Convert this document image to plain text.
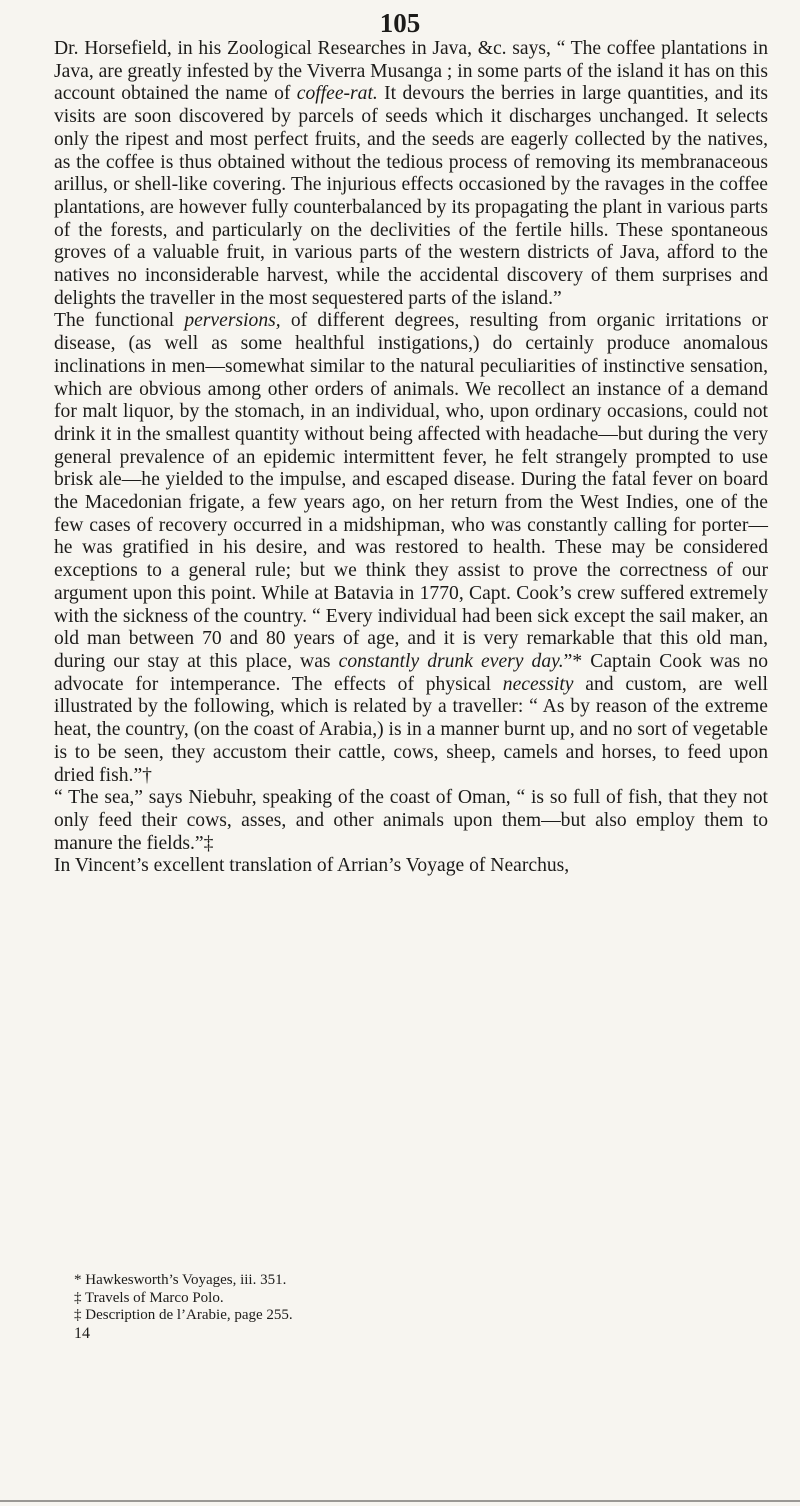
105

Dr. Horsefield, in his Zoological Researches in Java, &c. says, “ The coffee plantations in Java, are greatly infested by the Viverra Musanga ; in some parts of the island it has on this account obtained the name of coffee-rat. It devours the berries in large quantities, and its visits are soon discovered by parcels of seeds which it discharges unchanged. It selects only the ripest and most perfect fruits, and the seeds are eagerly collected by the natives, as the coffee is thus obtained without the tedious process of removing its membranaceous arillus, or shell-like covering. The injurious effects occasioned by the ravages in the coffee plantations, are however fully counterbalanced by its propagating the plant in various parts of the forests, and particularly on the declivities of the fertile hills. These spontaneous groves of a valuable fruit, in various parts of the western districts of Java, afford to the natives no inconsiderable harvest, while the accidental discovery of them surprises and delights the traveller in the most sequestered parts of the island.”

The functional perversions, of different degrees, resulting from organic irritations or disease, (as well as some healthful instigations,) do certainly produce anomalous inclinations in men—somewhat similar to the natural peculiarities of instinctive sensation, which are obvious among other orders of animals. We recollect an instance of a demand for malt liquor, by the stomach, in an individual, who, upon ordinary occasions, could not drink it in the smallest quantity without being affected with headache—but during the very general prevalence of an epidemic intermittent fever, he felt strangely prompted to use brisk ale—he yielded to the impulse, and escaped disease. During the fatal fever on board the Macedonian frigate, a few years ago, on her return from the West Indies, one of the few cases of recovery occurred in a midshipman, who was constantly calling for porter—he was gratified in his desire, and was restored to health. These may be considered exceptions to a general rule; but we think they assist to prove the correctness of our argument upon this point. While at Batavia in 1770, Capt. Cook’s crew suffered extremely with the sickness of the country. “ Every individual had been sick except the sail maker, an old man between 70 and 80 years of age, and it is very remarkable that this old man, during our stay at this place, was constantly drunk every day.”* Captain Cook was no advocate for intemperance. The effects of physical necessity and custom, are well illustrated by the following, which is related by a traveller: “ As by reason of the extreme heat, the country, (on the coast of Arabia,) is in a manner burnt up, and no sort of vegetable is to be seen, they accustom their cattle, cows, sheep, camels and horses, to feed upon dried fish.”†

“ The sea,” says Niebuhr, speaking of the coast of Oman, “ is so full of fish, that they not only feed their cows, asses, and other animals upon them—but also employ them to manure the fields.”‡

In Vincent’s excellent translation of Arrian’s Voyage of Nearchus,

* Hawkesworth’s Voyages, iii. 351.
‡ Travels of Marco Polo.
‡ Description de l’Arabie, page 255.
14
